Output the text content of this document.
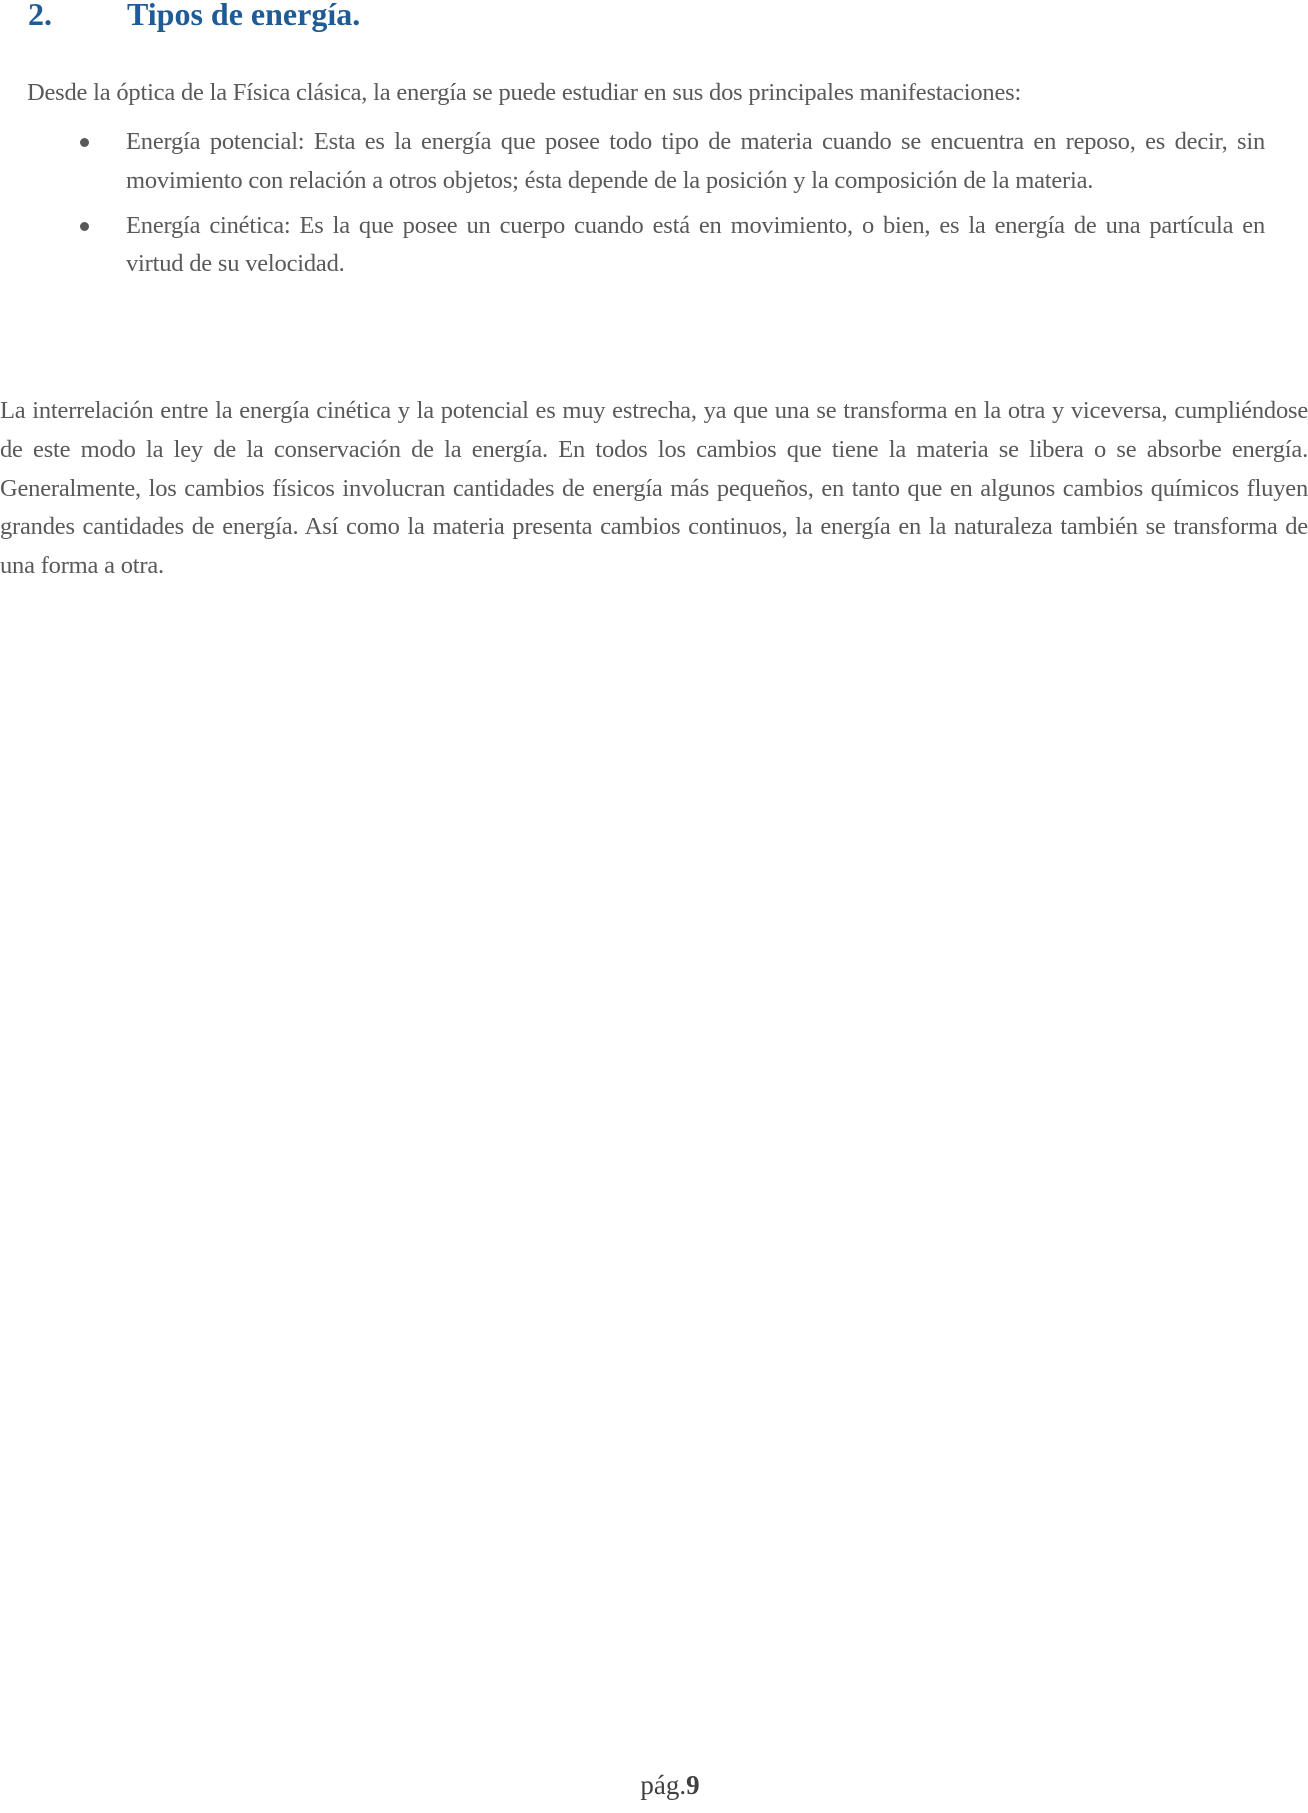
2. Tipos de energía.
Desde la óptica de la Física clásica, la energía se puede estudiar en sus dos principales manifestaciones:
Energía potencial: Esta es la energía que posee todo tipo de materia cuando se encuentra en reposo, es decir, sin movimiento con relación a otros objetos; ésta depende de la posición y la composición de la materia.
Energía cinética: Es la que posee un cuerpo cuando está en movimiento, o bien, es la energía de una partícula en virtud de su velocidad.
La interrelación entre la energía cinética y la potencial es muy estrecha, ya que una se transforma en la otra y viceversa, cumpliéndose de este modo la ley de la conservación de la energía. En todos los cambios que tiene la materia se libera o se absorbe energía. Generalmente, los cambios físicos involucran cantidades de energía más pequeños, en tanto que en algunos cambios químicos fluyen grandes cantidades de energía. Así como la materia presenta cambios continuos, la energía en la naturaleza también se transforma de una forma a otra.
pág.9
